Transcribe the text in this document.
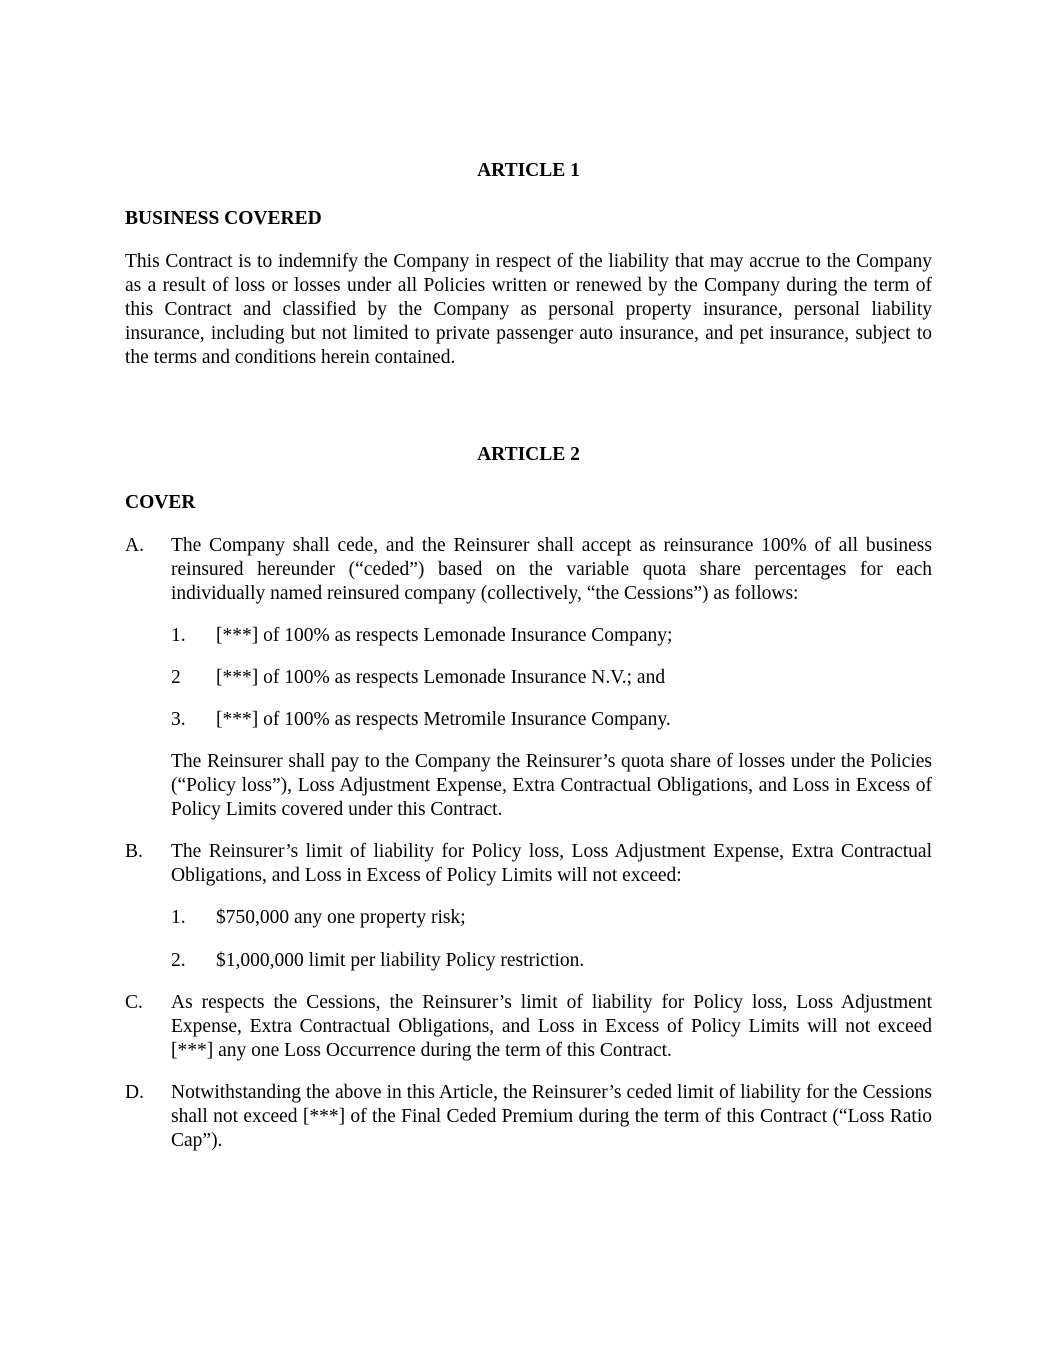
ARTICLE 1
BUSINESS COVERED

This Contract is to indemnify the Company in respect of the liability that may accrue to the Company as a result of loss or losses under all Policies written or renewed by the Company during the term of this Contract and classified by the Company as personal property insurance, personal liability insurance, including but not limited to private passenger auto insurance, and pet insurance, subject to the terms and conditions herein contained.

ARTICLE 2
COVER
A. The Company shall cede, and the Reinsurer shall accept as reinsurance 100% of all business reinsured hereunder (“ceded”) based on the variable quota share percentages for each individually named reinsured company (collectively, “the Cessions”) as follows:
1. [***] of 100% as respects Lemonade Insurance Company;
2 [***] of 100% as respects Lemonade Insurance N.V.; and
3. [***] of 100% as respects Metromile Insurance Company.

The Reinsurer shall pay to the Company the Reinsurer’s quota share of losses under the Policies (“Policy loss”), Loss Adjustment Expense, Extra Contractual Obligations, and Loss in Excess of Policy Limits covered under this Contract.

B. The Reinsurer’s limit of liability for Policy loss, Loss Adjustment Expense, Extra Contractual Obligations, and Loss in Excess of Policy Limits will not exceed:
1. $750,000 any one property risk;
2. $1,000,000 limit per liability Policy restriction.
C. As respects the Cessions, the Reinsurer’s limit of liability for Policy loss, Loss Adjustment Expense, Extra Contractual Obligations, and Loss in Excess of Policy Limits will not exceed [***] any one Loss Occurrence during the term of this Contract.
D. Notwithstanding the above in this Article, the Reinsurer’s ceded limit of liability for the Cessions shall not exceed [***] of the Final Ceded Premium during the term of this Contract (“Loss Ratio Cap”).
